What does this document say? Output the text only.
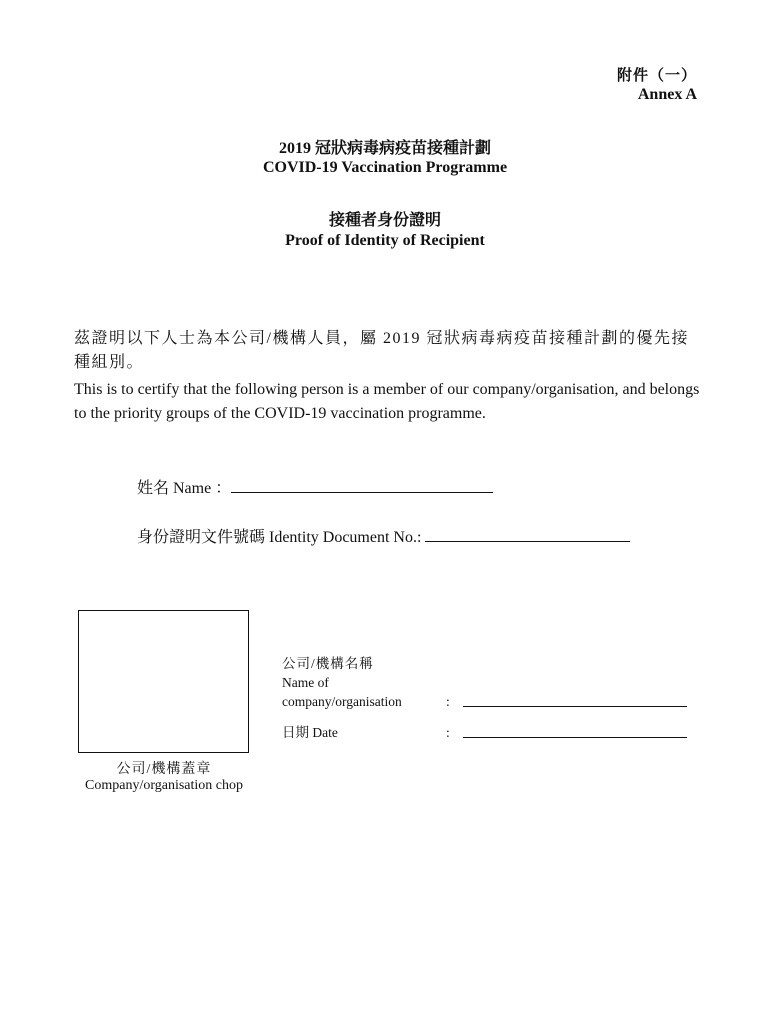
附件（一）
Annex A
2019 冠狀病毒病疫苗接種計劃
COVID-19 Vaccination Programme
接種者身份證明
Proof of Identity of Recipient
茲證明以下人士為本公司/機構人員，屬 2019 冠狀病毒病疫苗接種計劃的優先接種組別。
This is to certify that the following person is a member of our company/organisation, and belongs to the priority groups of the COVID-19 vaccination programme.
姓名 Name ：
身份證明文件號碼 Identity Document No.:
公司/機構蓋章
Company/organisation chop
公司/機構名稱
Name of
company/organisation	:
日期 Date	:
